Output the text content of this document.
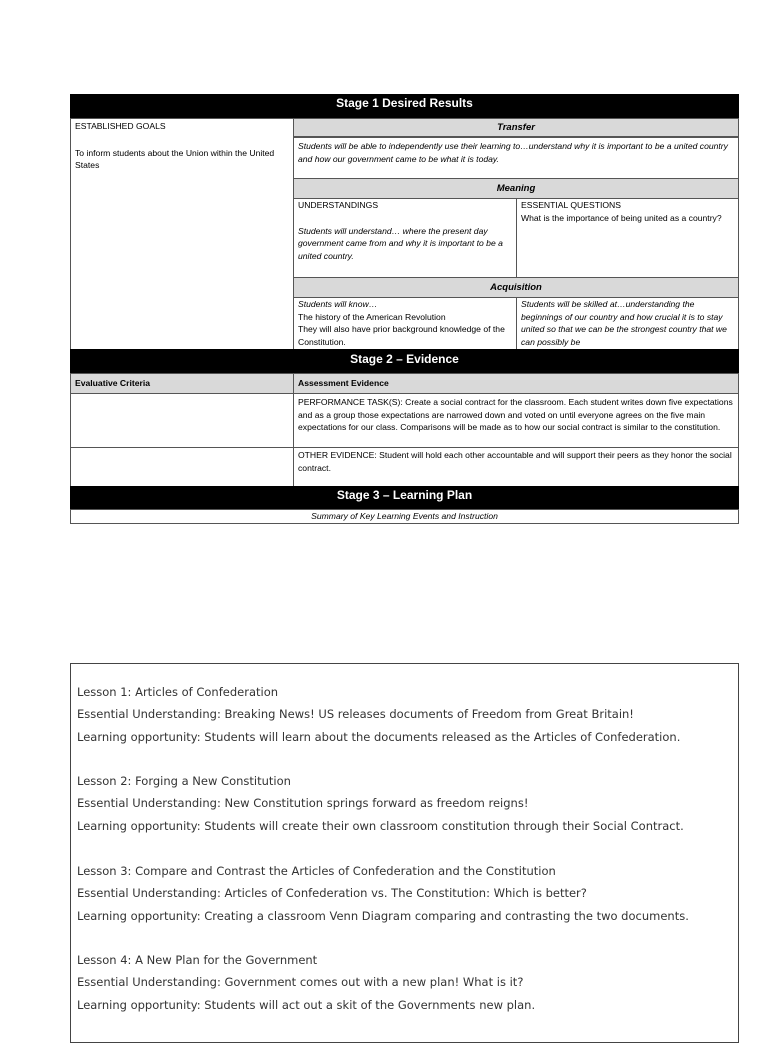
Stage 1 Desired Results
ESTABLISHED GOALS
To inform students about the Union within the United States
Transfer
Students will be able to independently use their learning to…understand why it is important to be a united country and how our government came to be what it is today.
Meaning
UNDERSTANDINGS
Students will understand… where the present day government came from and why it is important to be a united country.
ESSENTIAL QUESTIONS
What is the importance of being united as a country?
Acquisition
Students will know…
The history of the American Revolution
They will also have prior background knowledge of the Constitution.
Students will be skilled at…understanding the beginnings of our country and how crucial it is to stay united so that we can be the strongest country that we can possibly be
Stage 2 – Evidence
Evaluative Criteria	Assessment Evidence
PERFORMANCE TASK(S): Create a social contract for the classroom. Each student writes down five expectations and as a group those expectations are narrowed down and voted on until everyone agrees on the five main expectations for our class. Comparisons will be made as to how our social contract is similar to the constitution.
OTHER EVIDENCE: Student will hold each other accountable and will support their peers as they honor the social contract.
Stage 3 – Learning Plan
Summary of Key Learning Events and Instruction
Lesson 1: Articles of Confederation
Essential Understanding: Breaking News! US releases documents of Freedom from Great Britain!
Learning opportunity: Students will learn about the documents released as the Articles of Confederation.
Lesson 2: Forging a New Constitution
Essential Understanding: New Constitution springs forward as freedom reigns!
Learning opportunity: Students will create their own classroom constitution through their Social Contract.
Lesson 3: Compare and Contrast the Articles of Confederation and the Constitution
Essential Understanding: Articles of Confederation vs. The Constitution: Which is better?
Learning opportunity: Creating a classroom Venn Diagram comparing and contrasting the two documents.
Lesson 4: A New Plan for the Government
Essential Understanding: Government comes out with a new plan! What is it?
Learning opportunity: Students will act out a skit of the Governments new plan.
